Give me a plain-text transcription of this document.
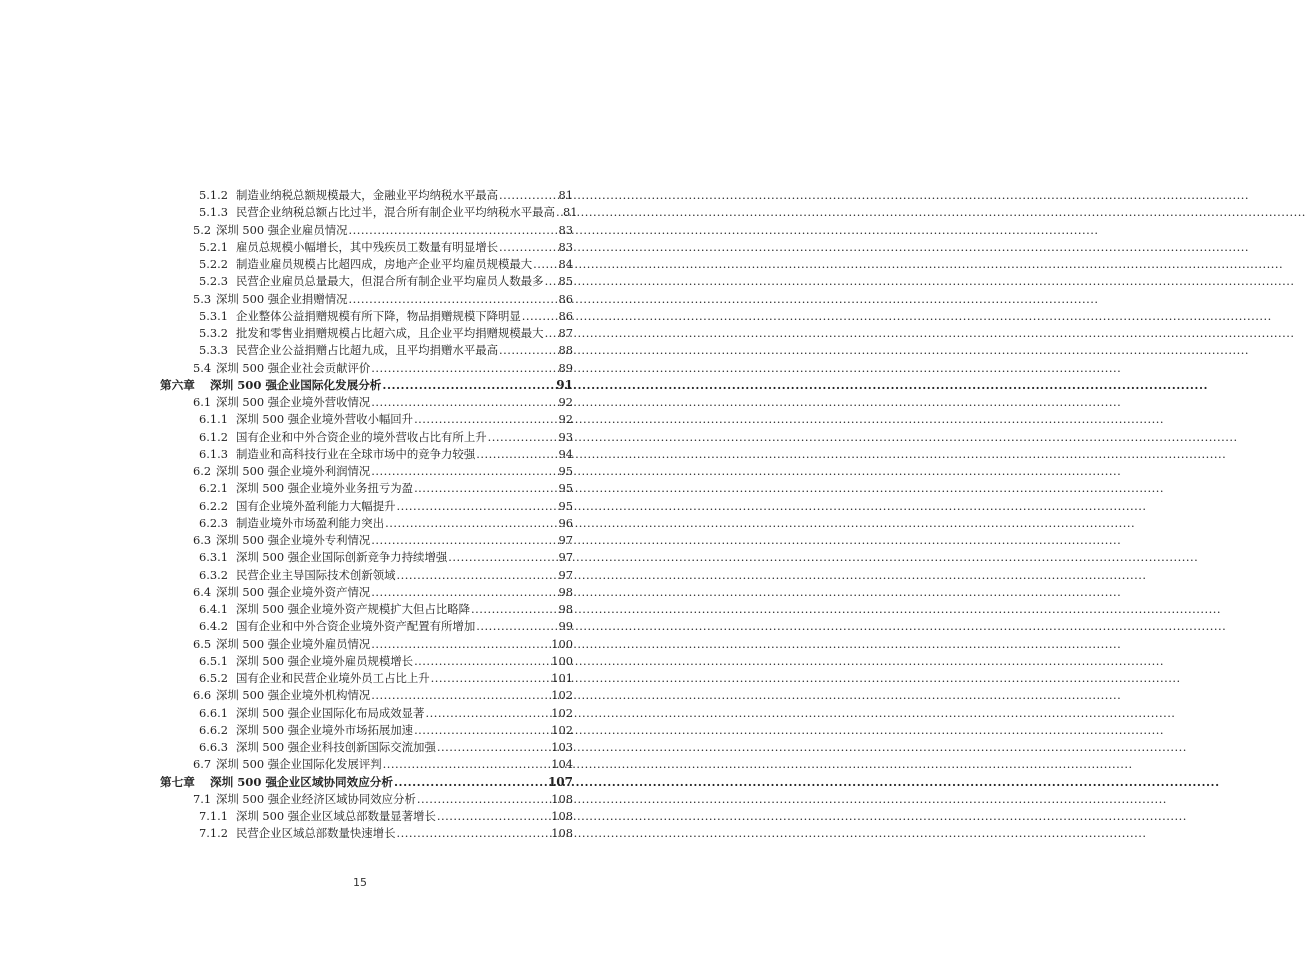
5.1.2 制造业纳税总额规模最大，金融业平均纳税水平最高 .....	81
5.1.3 民营企业纳税总额占比过半，混合所有制企业平均纳税水平最高 ..... 81
5.2 深圳 500 强企业雇员情况 .....	83
5.2.1 雇员总规模小幅增长，其中残疾员工数量有明显增长 .....	83
5.2.2 制造业雇员规模占比超四成，房地产企业平均雇员规模最大 ..... 84
5.2.3 民营企业雇员总量最大，但混合所有制企业平均雇员人数最多 ..... 85
5.3 深圳 500 强企业捐赠情况 .....	86
5.3.1 企业整体公益捐赠规模有所下降，物品捐赠规模下降明显 .....	86
5.3.2 批发和零售业捐赠规模占比超六成，且企业平均捐赠规模最大 ..... 87
5.3.3 民营企业公益捐赠占比超九成，且平均捐赠水平最高 .....	88
5.4 深圳 500 强企业社会贡献评价 .....	89
第六章	深圳 500 强企业国际化发展分析 .....	91
6.1 深圳 500 强企业境外营收情况 .....	92
6.1.1 深圳 500 强企业境外营收小幅回升 .....	92
6.1.2 国有企业和中外合资企业的境外营收占比有所上升 .....	93
6.1.3 制造业和高科技行业在全球市场中的竞争力较强 .....	94
6.2 深圳 500 强企业境外利润情况 .....	95
6.2.1 深圳 500 强企业境外业务扭亏为盈 .....	95
6.2.2 国有企业境外盈利能力大幅提升 .....	95
6.2.3 制造业境外市场盈利能力突出 .....	96
6.3 深圳 500 强企业境外专利情况 .....	97
6.3.1 深圳 500 强企业国际创新竞争力持续增强 .....	97
6.3.2 民营企业主导国际技术创新领域 .....	97
6.4 深圳 500 强企业境外资产情况 .....	98
6.4.1 深圳 500 强企业境外资产规模扩大但占比略降 .....	98
6.4.2 国有企业和中外合资企业境外资产配置有所增加 .....	99
6.5 深圳 500 强企业境外雇员情况 .....	100
6.5.1 深圳 500 强企业境外雇员规模增长 .....	100
6.5.2 国有企业和民营企业境外员工占比上升 .....	101
6.6 深圳 500 强企业境外机构情况 .....	102
6.6.1 深圳 500 强企业国际化布局成效显著 .....	102
6.6.2 深圳 500 强企业境外市场拓展加速 .....	102
6.6.3 深圳 500 强企业科技创新国际交流加强 .....	103
6.7 深圳 500 强企业国际化发展评判 .....	104
第七章	深圳 500 强企业区域协同效应分析 .....	107
7.1 深圳 500 强企业经济区域协同效应分析 .....	108
7.1.1 深圳 500 强企业区域总部数量显著增长 .....	108
7.1.2 民营企业区域总部数量快速增长 .....	108
15
